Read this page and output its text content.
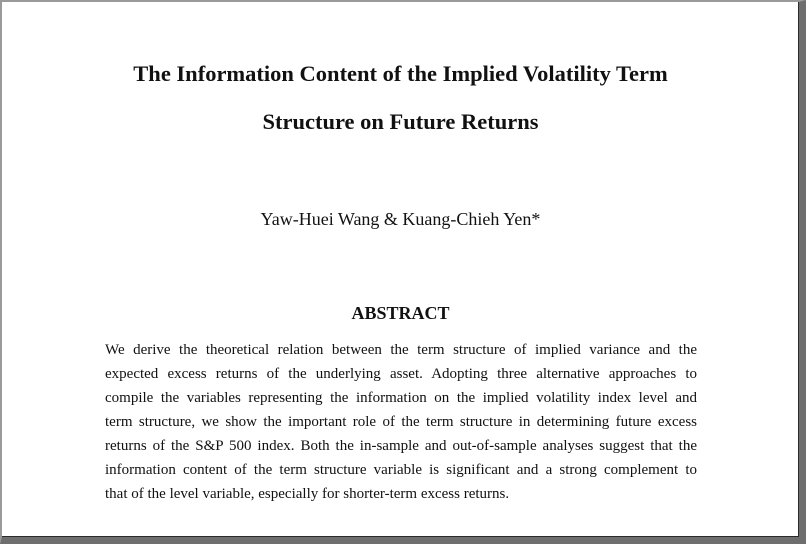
The Information Content of the Implied Volatility Term
Structure on Future Returns
Yaw-Huei Wang & Kuang-Chieh Yen*
ABSTRACT
We derive the theoretical relation between the term structure of implied variance and the
expected excess returns of the underlying asset. Adopting three alternative approaches to
compile the variables representing the information on the implied volatility index level and
term structure, we show the important role of the term structure in determining future excess
returns of the S&P 500 index. Both the in-sample and out-of-sample analyses suggest that the
information content of the term structure variable is significant and a strong complement to
that of the level variable, especially for shorter-term excess returns.
